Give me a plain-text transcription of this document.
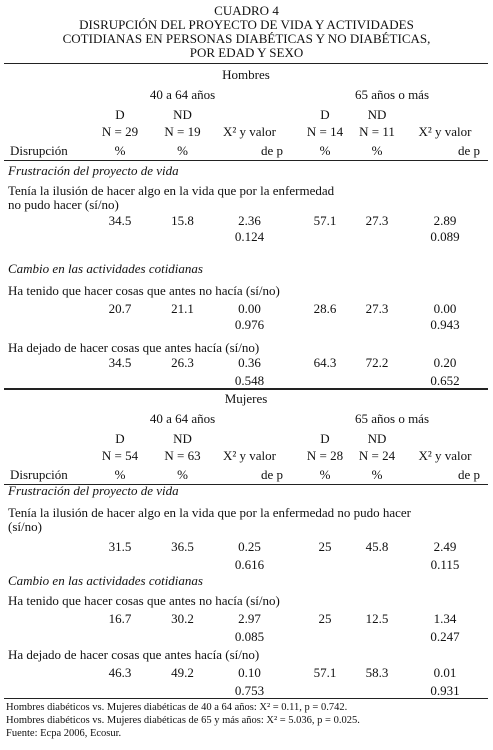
CUADRO 4
DISRUPCIÓN DEL PROYECTO DE VIDA Y ACTIVIDADES
COTIDIANAS EN PERSONAS DIABÉTICAS Y NO DIABÉTICAS,
POR EDAD Y SEXO
Hombres
40 a 64 años	65 años o más
D	ND	D	ND
N = 29	N = 19	N = 14	N = 11
X² y valor	X² y valor
Disrupción	%	%	%	%
de p	de p
Frustración del proyecto de vida
Tenía la ilusión de hacer algo en la vida que por la enfermedad
no pudo hacer (sí/no)
34.5	15.8	2.36	57.1	27.3	2.89
0.124	0.089
Cambio en las actividades cotidianas
Ha tenido que hacer cosas que antes no hacía (sí/no)
20.7	21.1	0.00	28.6	27.3	0.00
0.976	0.943
Ha dejado de hacer cosas que antes hacía (sí/no)
34.5	26.3	0.36	64.3	72.2	0.20
0.548	0.652
Mujeres
40 a 64 años	65 años o más
D	ND	D	ND
N = 54	N = 63	N = 28	N = 24
X² y valor	X² y valor
Disrupción	%	%	%	%
de p	de p
Frustración del proyecto de vida
Tenía la ilusión de hacer algo en la vida que por la enfermedad no pudo hacer
(sí/no)
31.5	36.5	0.25	25	45.8	2.49
0.616	0.115
Cambio en las actividades cotidianas
Ha tenido que hacer cosas que antes no hacía (sí/no)
16.7	30.2	2.97	25	12.5	1.34
0.085	0.247
Ha dejado de hacer cosas que antes hacía (sí/no)
46.3	49.2	0.10	57.1	58.3	0.01
0.753	0.931
Hombres diabéticos vs. Mujeres diabéticas de 40 a 64 años: X² = 0.11, p = 0.742.
Hombres diabéticos vs. Mujeres diabéticas de 65 y más años: X² = 5.036, p = 0.025.
Fuente: Ecpa 2006, Ecosur.
